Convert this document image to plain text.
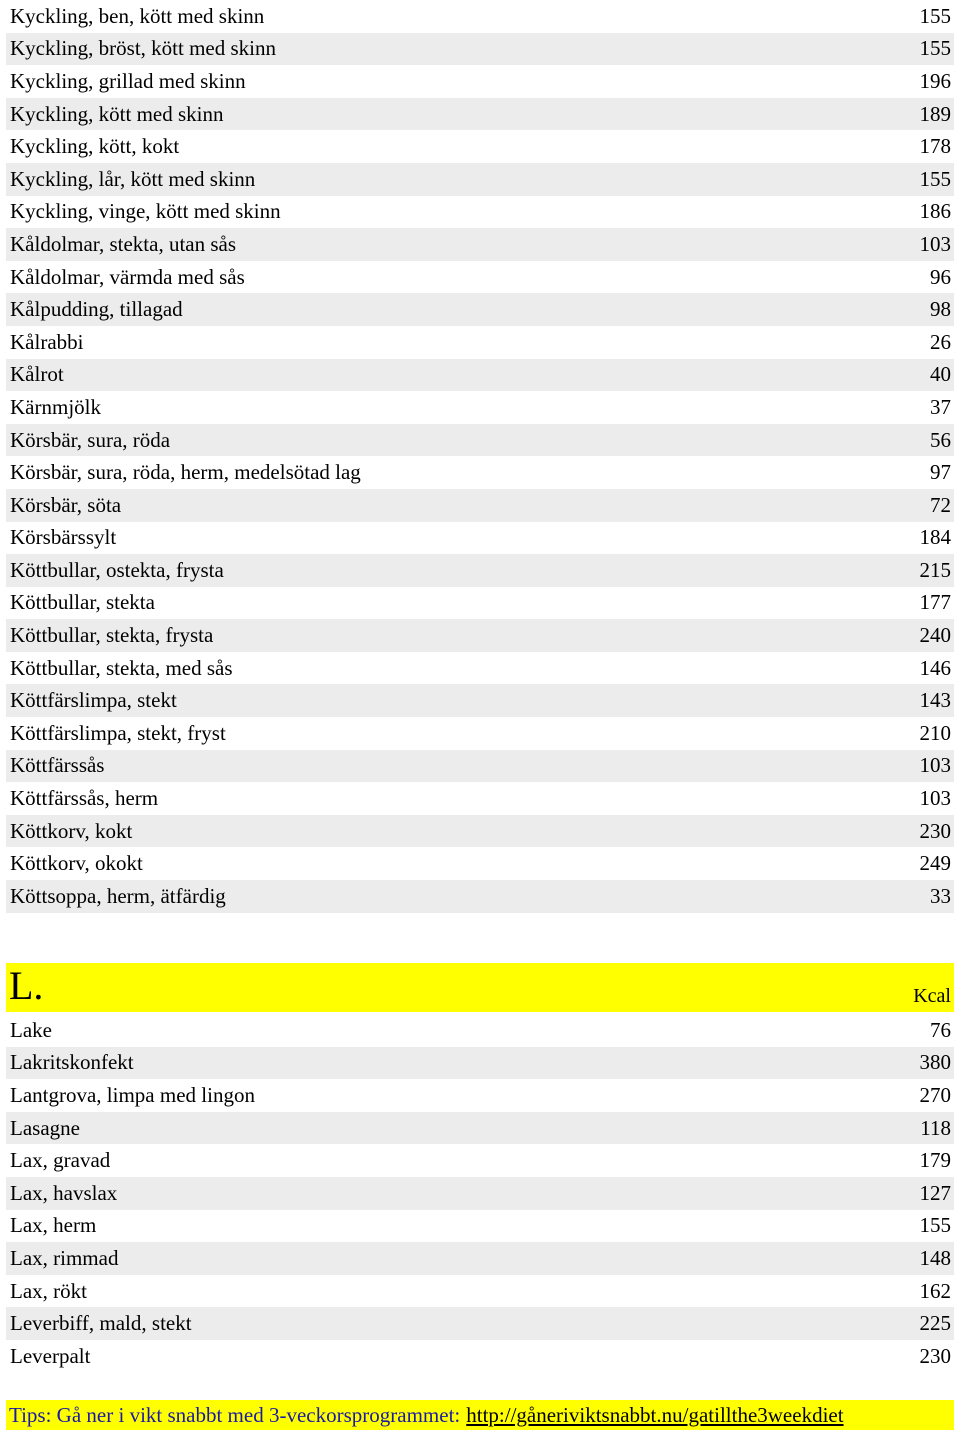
Kyckling, ben, kött med skinn	155
Kyckling, bröst, kött med skinn	155
Kyckling, grillad med skinn	196
Kyckling, kött med skinn	189
Kyckling, kött, kokt	178
Kyckling, lår, kött med skinn	155
Kyckling, vinge, kött med skinn	186
Kåldolmar, stekta, utan sås	103
Kåldolmar, värmda med sås	96
Kålpudding, tillagad	98
Kålrabbi	26
Kålrot	40
Kärnmjölk	37
Körsbär, sura, röda	56
Körsbär, sura, röda, herm, medelsötad lag	97
Körsbär, söta	72
Körsbärssylt	184
Köttbullar, ostekta, frysta	215
Köttbullar, stekta	177
Köttbullar, stekta, frysta	240
Köttbullar, stekta, med sås	146
Köttfärslimpa, stekt	143
Köttfärslimpa, stekt, fryst	210
Köttfärssås	103
Köttfärssås, herm	103
Köttkorv, kokt	230
Köttkorv, okokt	249
Köttsoppa, herm, ätfärdig	33
L.	Kcal
Lake	76
Lakritskonfekt	380
Lantgrova, limpa med lingon	270
Lasagne	118
Lax, gravad	179
Lax, havslax	127
Lax, herm	155
Lax, rimmad	148
Lax, rökt	162
Leverbiff, mald, stekt	225
Leverpalt	230
Tips: Gå ner i vikt snabbt med 3-veckorsprogrammet: http://gåneriviktsnabbt.nu/gatillthe3weekdiet
